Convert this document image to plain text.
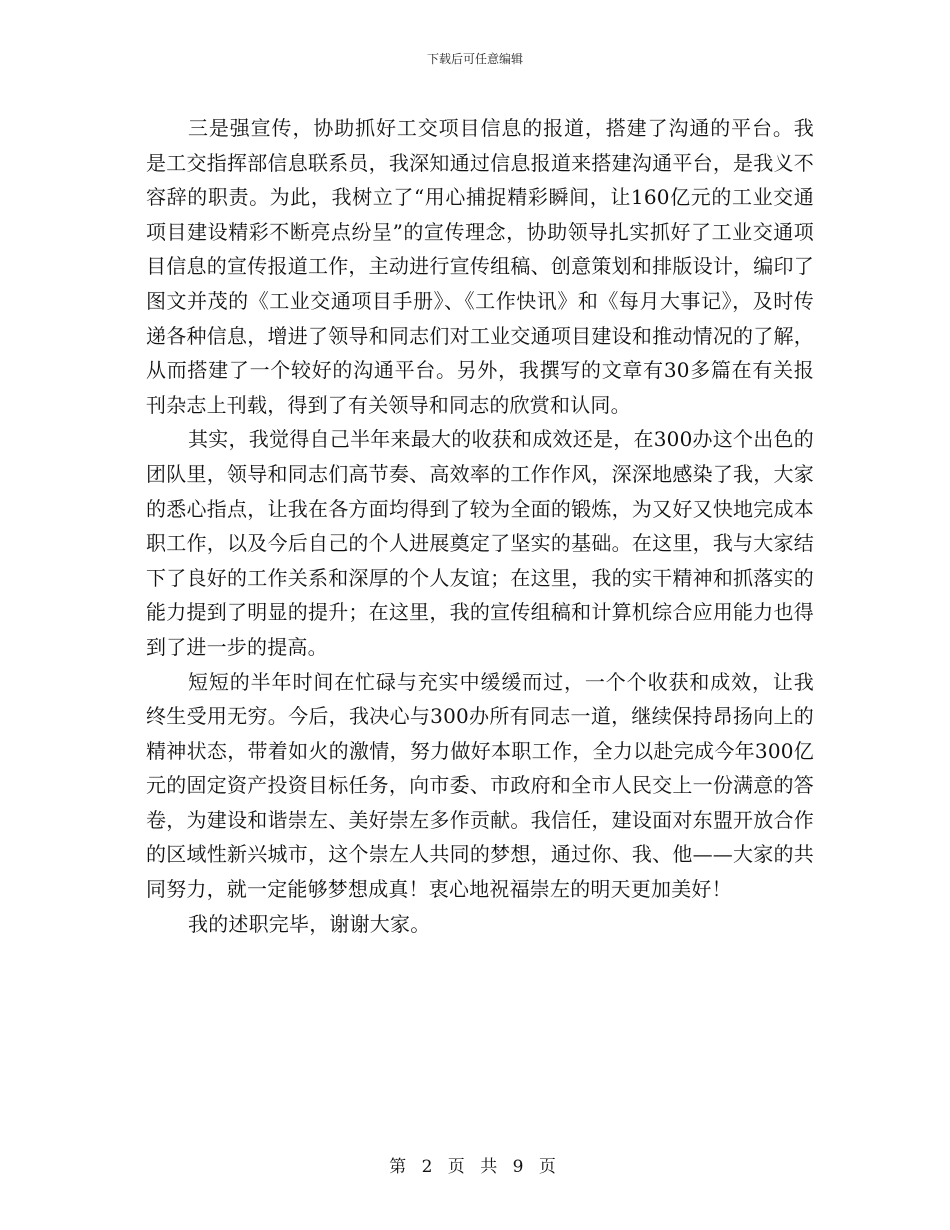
下载后可任意编辑

三是强宣传，协助抓好工交项目信息的报道，搭建了沟通的平台。我是工交指挥部信息联系员，我深知通过信息报道来搭建沟通平台，是我义不容辞的职责。为此，我树立了“用心捕捉精彩瞬间，让160亿元的工业交通项目建设精彩不断亮点纷呈”的宣传理念，协助领导扎实抓好了工业交通项目信息的宣传报道工作，主动进行宣传组稿、创意策划和排版设计，编印了图文并茂的《工业交通项目手册》、《工作快讯》和《每月大事记》，及时传递各种信息，增进了领导和同志们对工业交通项目建设和推动情况的了解，从而搭建了一个较好的沟通平台。另外，我撰写的文章有30多篇在有关报刊杂志上刊载，得到了有关领导和同志的欣赏和认同。

其实，我觉得自己半年来最大的收获和成效还是，在300办这个出色的团队里，领导和同志们高节奏、高效率的工作作风，深深地感染了我，大家的悉心指点，让我在各方面均得到了较为全面的锻炼，为又好又快地完成本职工作，以及今后自己的个人进展奠定了坚实的基础。在这里，我与大家结下了良好的工作关系和深厚的个人友谊；在这里，我的实干精神和抓落实的能力提到了明显的提升；在这里，我的宣传组稿和计算机综合应用能力也得到了进一步的提高。

短短的半年时间在忙碌与充实中缓缓而过，一个个收获和成效，让我终生受用无穷。今后，我决心与300办所有同志一道，继续保持昂扬向上的精神状态，带着如火的激情，努力做好本职工作，全力以赴完成今年300亿元的固定资产投资目标任务，向市委、市政府和全市人民交上一份满意的答卷，为建设和谐崇左、美好崇左多作贡献。我信任，建设面对东盟开放合作的区域性新兴城市，这个崇左人共同的梦想，通过你、我、他——大家的共同努力，就一定能够梦想成真！衷心地祝福崇左的明天更加美好！

我的述职完毕，谢谢大家。

第 2 页 共 9 页
